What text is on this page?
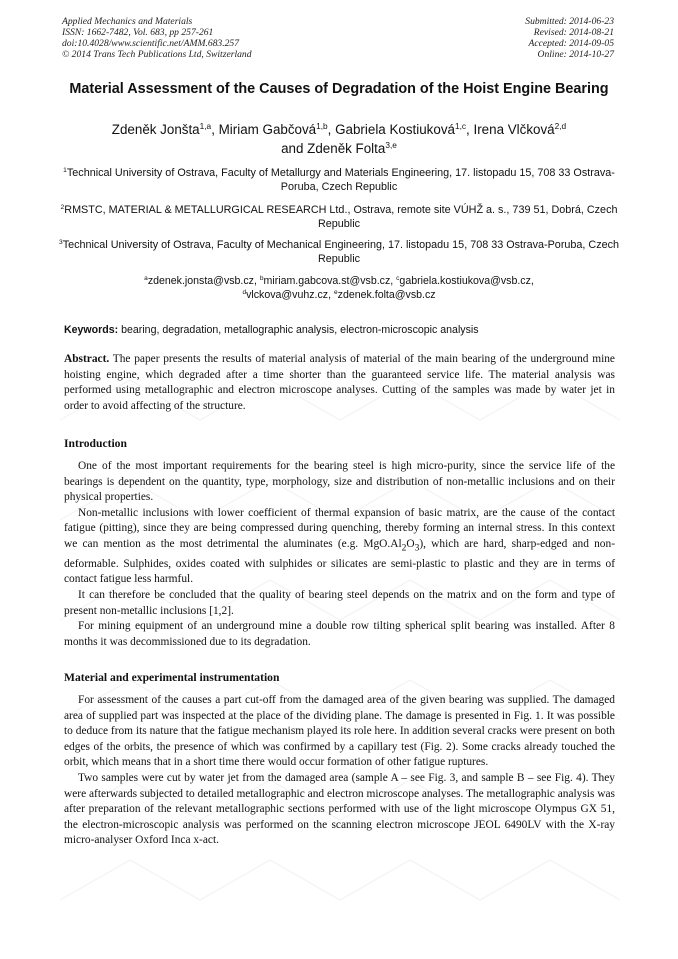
Applied Mechanics and Materials
ISSN: 1662-7482, Vol. 683, pp 257-261
doi:10.4028/www.scientific.net/AMM.683.257
© 2014 Trans Tech Publications Ltd, Switzerland
Submitted: 2014-06-23
Revised: 2014-08-21
Accepted: 2014-09-05
Online: 2014-10-27
Material Assessment of the Causes of Degradation of the Hoist Engine Bearing
Zdeněk Jonšta$^{1,a}$, Miriam Gabčová$^{1,b}$, Gabriela Kostiuková$^{1,c}$, Irena Vlčková$^{2,d}$
and Zdeněk Folta$^{3,e}$
$^1$Technical University of Ostrava, Faculty of Metallurgy and Materials Engineering, 17. listopadu 15, 708 33 Ostrava-Poruba, Czech Republic
$^2$RMSTC, MATERIAL & METALLURGICAL RESEARCH Ltd., Ostrava, remote site VÚHŽ a. s., 739 51, Dobrá, Czech Republic
$^3$Technical University of Ostrava, Faculty of Mechanical Engineering, 17. listopadu 15, 708 33 Ostrava-Poruba, Czech Republic
$^a$zdenek.jonsta@vsb.cz, $^b$miriam.gabcova.st@vsb.cz, $^c$gabriela.kostiukova@vsb.cz,
$^d$vlckova@vuhz.cz, $^e$zdenek.folta@vsb.cz
Keywords: bearing, degradation, metallographic analysis, electron-microscopic analysis

Abstract. The paper presents the results of material analysis of material of the main bearing of the underground mine hoisting engine, which degraded after a time shorter than the guaranteed service life. The material analysis was performed using metallographic and electron microscope analyses. Cutting of the samples was made by water jet in order to avoid affecting of the structure.

Introduction

One of the most important requirements for the bearing steel is high micro-purity, since the service life of the bearings is dependent on the quantity, type, morphology, size and distribution of non-metallic inclusions and on their physical properties.

Non-metallic inclusions with lower coefficient of thermal expansion of basic matrix, are the cause of the contact fatigue (pitting), since they are being compressed during quenching, thereby forming an internal stress. In this context we can mention as the most detrimental the aluminates (e.g. $MgO.Al_2O_3$), which are hard, sharp-edged and non-deformable. Sulphides, oxides coated with sulphides or silicates are semi-plastic to plastic and they are in terms of contact fatigue less harmful.

It can therefore be concluded that the quality of bearing steel depends on the matrix and on the form and type of present non-metallic inclusions [1,2].

For mining equipment of an underground mine a double row tilting spherical split bearing was installed. After 8 months it was decommissioned due to its degradation.

Material and experimental instrumentation

For assessment of the causes a part cut-off from the damaged area of the given bearing was supplied. The damaged area of supplied part was inspected at the place of the dividing plane. The damage is presented in Fig. 1. It was possible to deduce from its nature that the fatigue mechanism played its role here. In addition several cracks were present on both edges of the orbits, the presence of which was confirmed by a capillary test (Fig. 2). Some cracks already touched the orbit, which means that in a short time there would occur formation of other fatigue ruptures.

Two samples were cut by water jet from the damaged area (sample A – see Fig. 3, and sample B – see Fig. 4). They were afterwards subjected to detailed metallographic and electron microscope analyses. The metallographic analysis was after preparation of the relevant metallographic sections performed with use of the light microscope Olympus GX 51, the electron-microscopic analysis was performed on the scanning electron microscope JEOL 6490LV with the X-ray micro-analyser Oxford Inca x-act.
